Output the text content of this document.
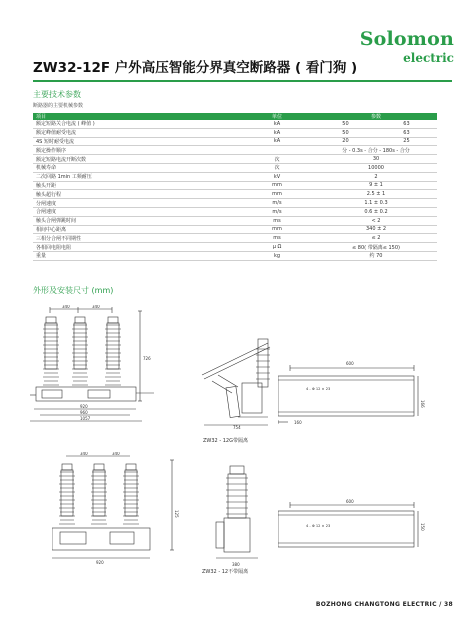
Solomon
electric
ZW32-12F 户外高压智能分界真空断路器 ( 看门狗 )
主要技术参数
断路器的主要机械参数
项目	单位	参数	
额定短路关合电流 ( 峰值 )	kA	50	63
额定峰值耐受电流	kA	50	63
4S 短时耐受电流	kA	20	25
额定操作顺序		分 - 0.3s - 合分 - 180s - 合分	
额定短路电流开断次数	次	30	
机械寿命	次	10000	
二次回路 1min 工频耐压	kV	2	
触头开距	mm	9 ± 1	
触头超行程	mm	2.5 ± 1	
分闸速度	m/s	1.1 ± 0.3	
合闸速度	m/s	0.6 ± 0.2	
触头合闸弹跳时间	ms	< 2	
相间中心距离	mm	340 ± 2	
三相分合闸不同期性	ms	≤ 2	
各相回电阻电阻	μ Ω	≤ 80( 带隔离≤ 150)	
重量	kg	约 70	
外形及安装尺寸 (mm)
340	340
726
920
960
1057
754
600
4 - Φ 12 × 23
166
160
ZW32 - 12G带隔离
340	340
125
920	380
600
4 - Φ 12 × 23	150
ZW32 - 12不带隔离
BOZHONG CHANGTONG ELECTRIC / 38
